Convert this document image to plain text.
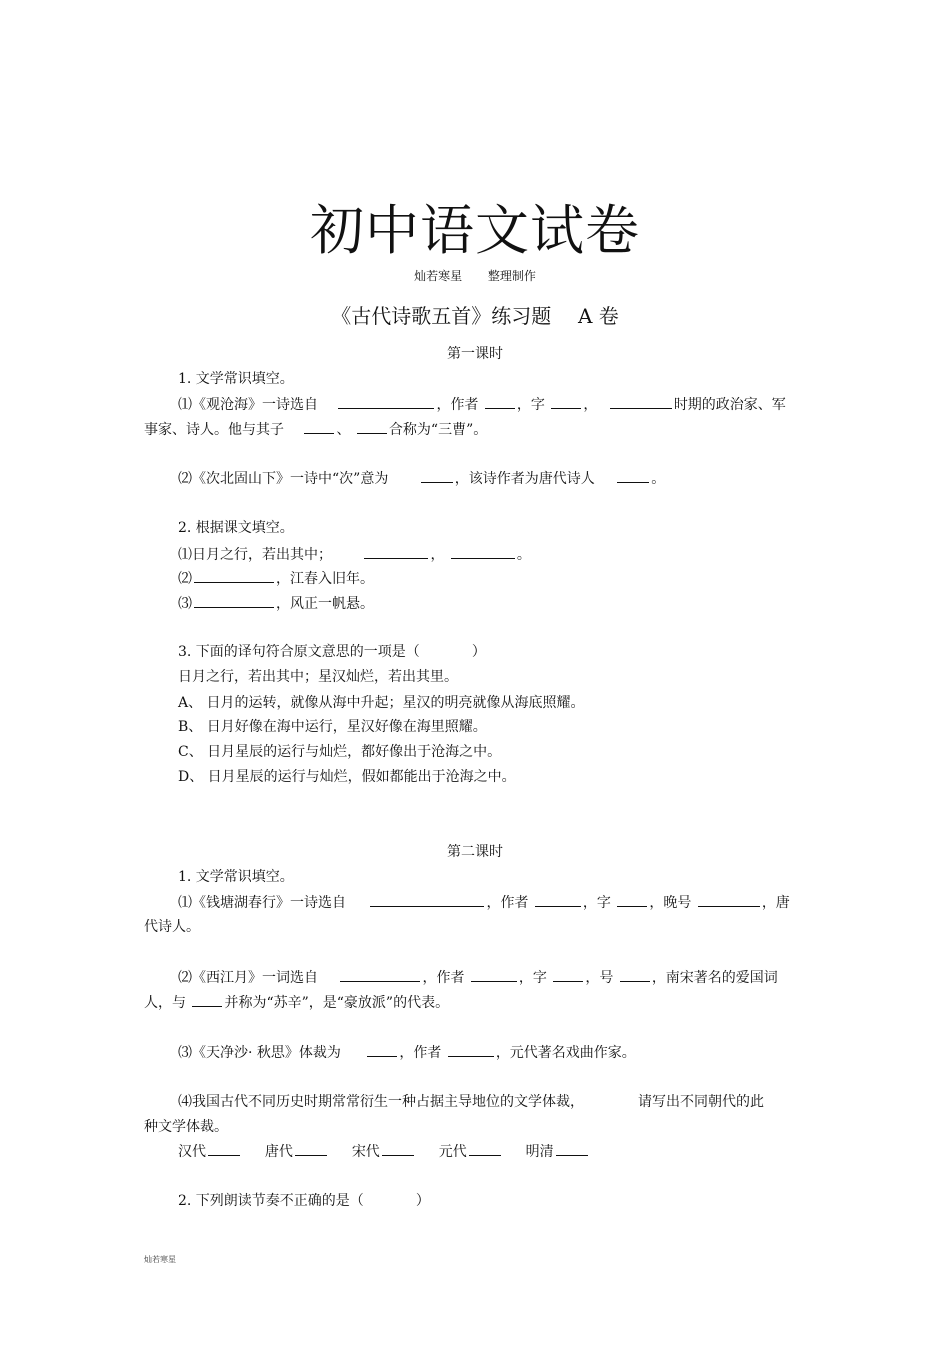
初中语文试卷
灿若寒星 整理制作
《古代诗歌五首》练习题 A 卷
第一课时
1. 文学常识填空。
⑴《观沧海》一诗选自	，作者	，字	，	时期的政治家、军
事家、诗人。他与其子	、	合称为“三曹”。
⑵《次北固山下》一诗中“次”意为	，该诗作者为唐代诗人	。
2. 根据课文填空。
⑴日月之行，若出其中；	，	。
⑵	，江春入旧年。
⑶	，风正一帆悬。
3. 下面的译句符合原文意思的一项是（	）
日月之行，若出其中；星汉灿烂，若出其里。
A、 日月的运转，就像从海中升起；星汉的明亮就像从海底照耀。
B、 日月好像在海中运行，星汉好像在海里照耀。
C、 日月星辰的运行与灿烂，都好像出于沧海之中。
D、 日月星辰的运行与灿烂，假如都能出于沧海之中。
第二课时
1. 文学常识填空。
⑴《钱塘湖春行》一诗选自	，作者	，字	，晚号	，唐
代诗人。
⑵《西江月》一词选自	，作者	，字	，号	，南宋著名的爱国词
人，与	并称为“苏辛”，是“豪放派”的代表。
⑶《天净沙· 秋思》体裁为	，作者	，元代著名戏曲作家。
⑷我国古代不同历史时期常常衍生一种占据主导地位的文学体裁，	请写出不同朝代的此
种文学体裁。
汉代	唐代	宋代	元代	明清
2. 下列朗读节奏不正确的是（	）
灿若寒星
